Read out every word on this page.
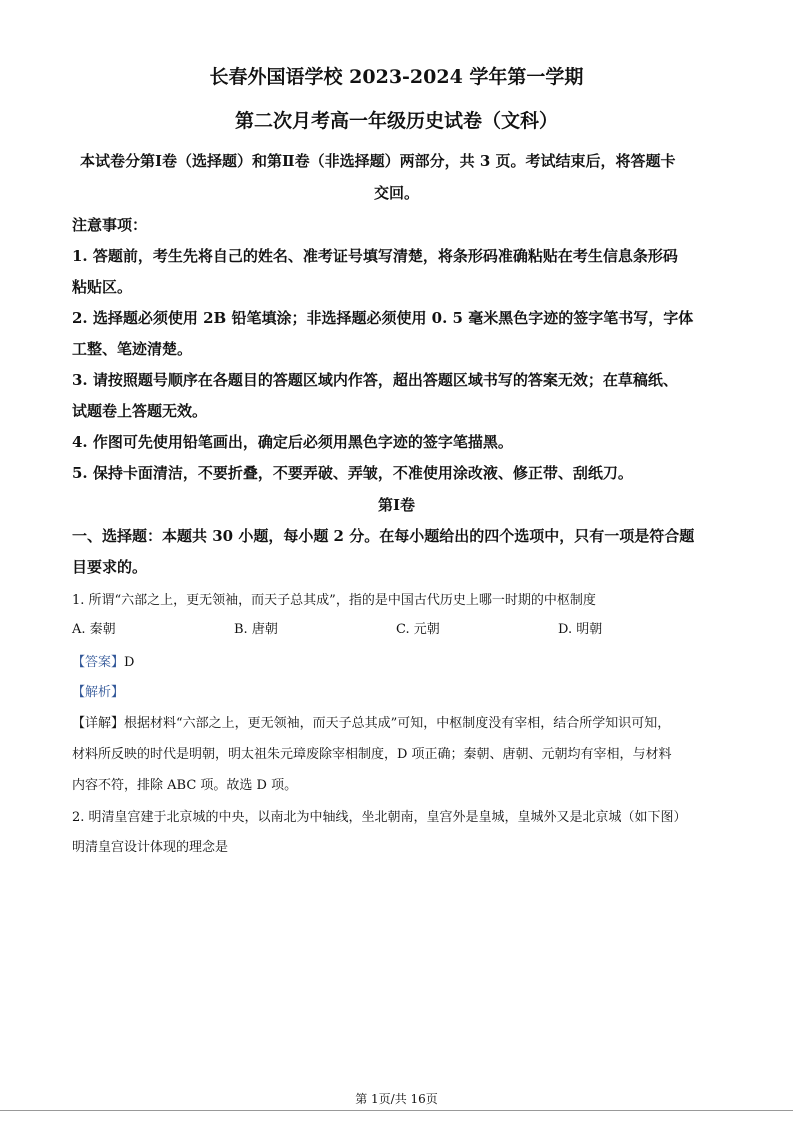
长春外国语学校 2023-2024 学年第一学期
第二次月考高一年级历史试卷（文科）
本试卷分第Ⅰ卷（选择题）和第Ⅱ卷（非选择题）两部分，共 3 页。考试结束后，将答题卡
交回。
注意事项：
1. 答题前，考生先将自己的姓名、准考证号填写清楚，将条形码准确粘贴在考生信息条形码
粘贴区。
2. 选择题必须使用 2B 铅笔填涂；非选择题必须使用 0. 5 毫米黑色字迹的签字笔书写，字体
工整、笔迹清楚。
3. 请按照题号顺序在各题目的答题区域内作答，超出答题区域书写的答案无效；在草稿纸、
试题卷上答题无效。
4. 作图可先使用铅笔画出，确定后必须用黑色字迹的签字笔描黑。
5. 保持卡面清洁，不要折叠，不要弄破、弄皱，不准使用涂改液、修正带、刮纸刀。
第Ⅰ卷
一、选择题：本题共 30 小题，每小题 2 分。在每小题给出的四个选项中，只有一项是符合题
目要求的。
1. 所谓“六部之上，更无领袖，而天子总其成”，指的是中国古代历史上哪一时期的中枢制度
A. 秦朝	B. 唐朝	C. 元朝	D. 明朝
【答案】D
【解析】
【详解】根据材料“六部之上，更无领袖，而天子总其成”可知，中枢制度没有宰相，结合所学知识可知，
材料所反映的时代是明朝，明太祖朱元璋废除宰相制度，D 项正确；秦朝、唐朝、元朝均有宰相，与材料
内容不符，排除 ABC 项。故选 D 项。
2. 明清皇宫建于北京城的中央，以南北为中轴线，坐北朝南，皇宫外是皇城，皇城外又是北京城（如下图）
明清皇宫设计体现的理念是
第 1页/共 16页
